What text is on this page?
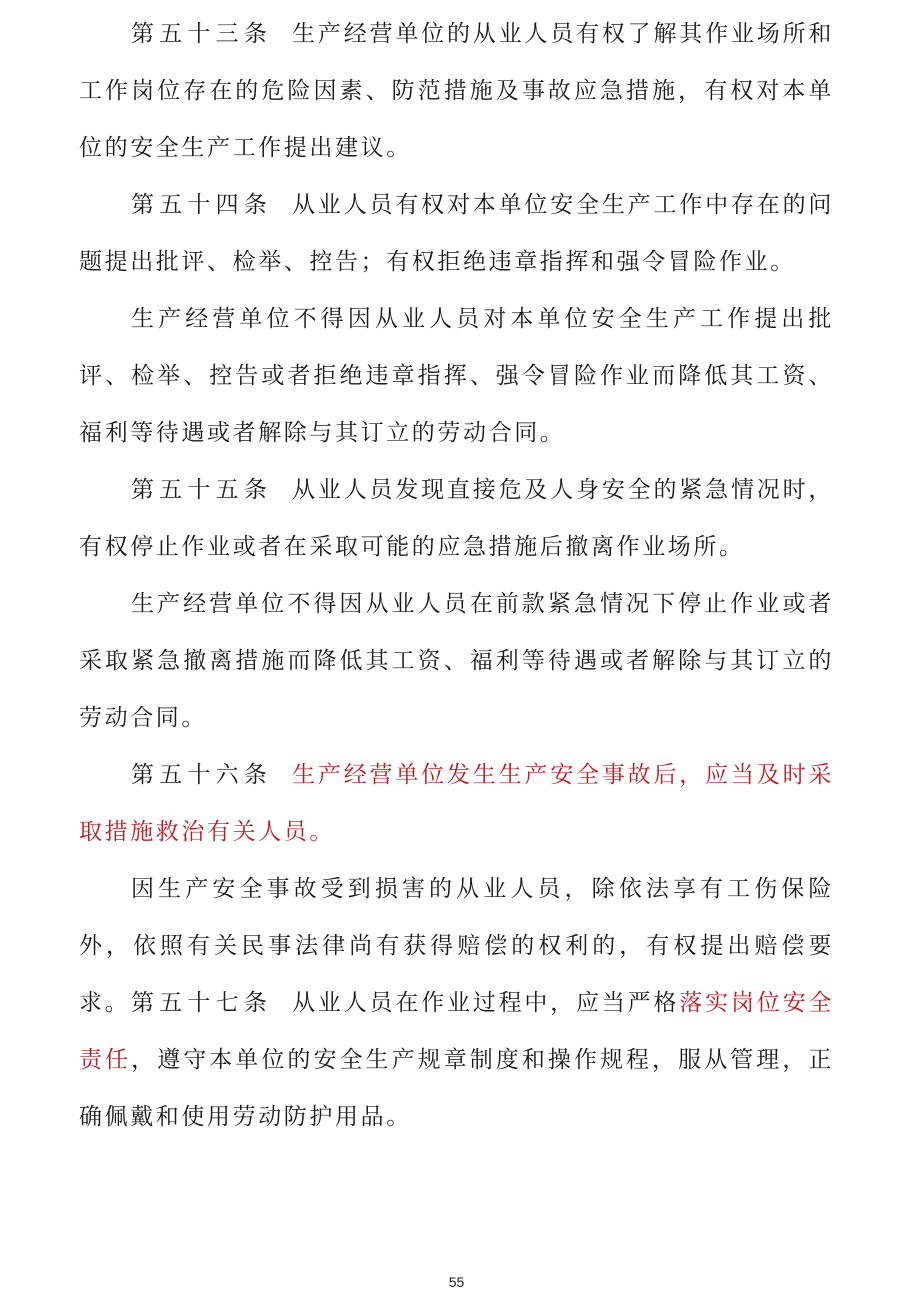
第五十三条 生产经营单位的从业人员有权了解其作业场所和工作岗位存在的危险因素、防范措施及事故应急措施，有权对本单位的安全生产工作提出建议。

第五十四条 从业人员有权对本单位安全生产工作中存在的问题提出批评、检举、控告；有权拒绝违章指挥和强令冒险作业。

生产经营单位不得因从业人员对本单位安全生产工作提出批评、检举、控告或者拒绝违章指挥、强令冒险作业而降低其工资、福利等待遇或者解除与其订立的劳动合同。

第五十五条 从业人员发现直接危及人身安全的紧急情况时，有权停止作业或者在采取可能的应急措施后撤离作业场所。

生产经营单位不得因从业人员在前款紧急情况下停止作业或者采取紧急撤离措施而降低其工资、福利等待遇或者解除与其订立的劳动合同。

第五十六条 生产经营单位发生生产安全事故后，应当及时采取措施救治有关人员。

因生产安全事故受到损害的从业人员，除依法享有工伤保险外，依照有关民事法律尚有获得赔偿的权利的，有权提出赔偿要求。 第五十七条 从业人员在作业过程中，应当严格落实岗位安全责任，遵守本单位的安全生产规章制度和操作规程，服从管理，正确佩戴和使用劳动防护用品。

55
